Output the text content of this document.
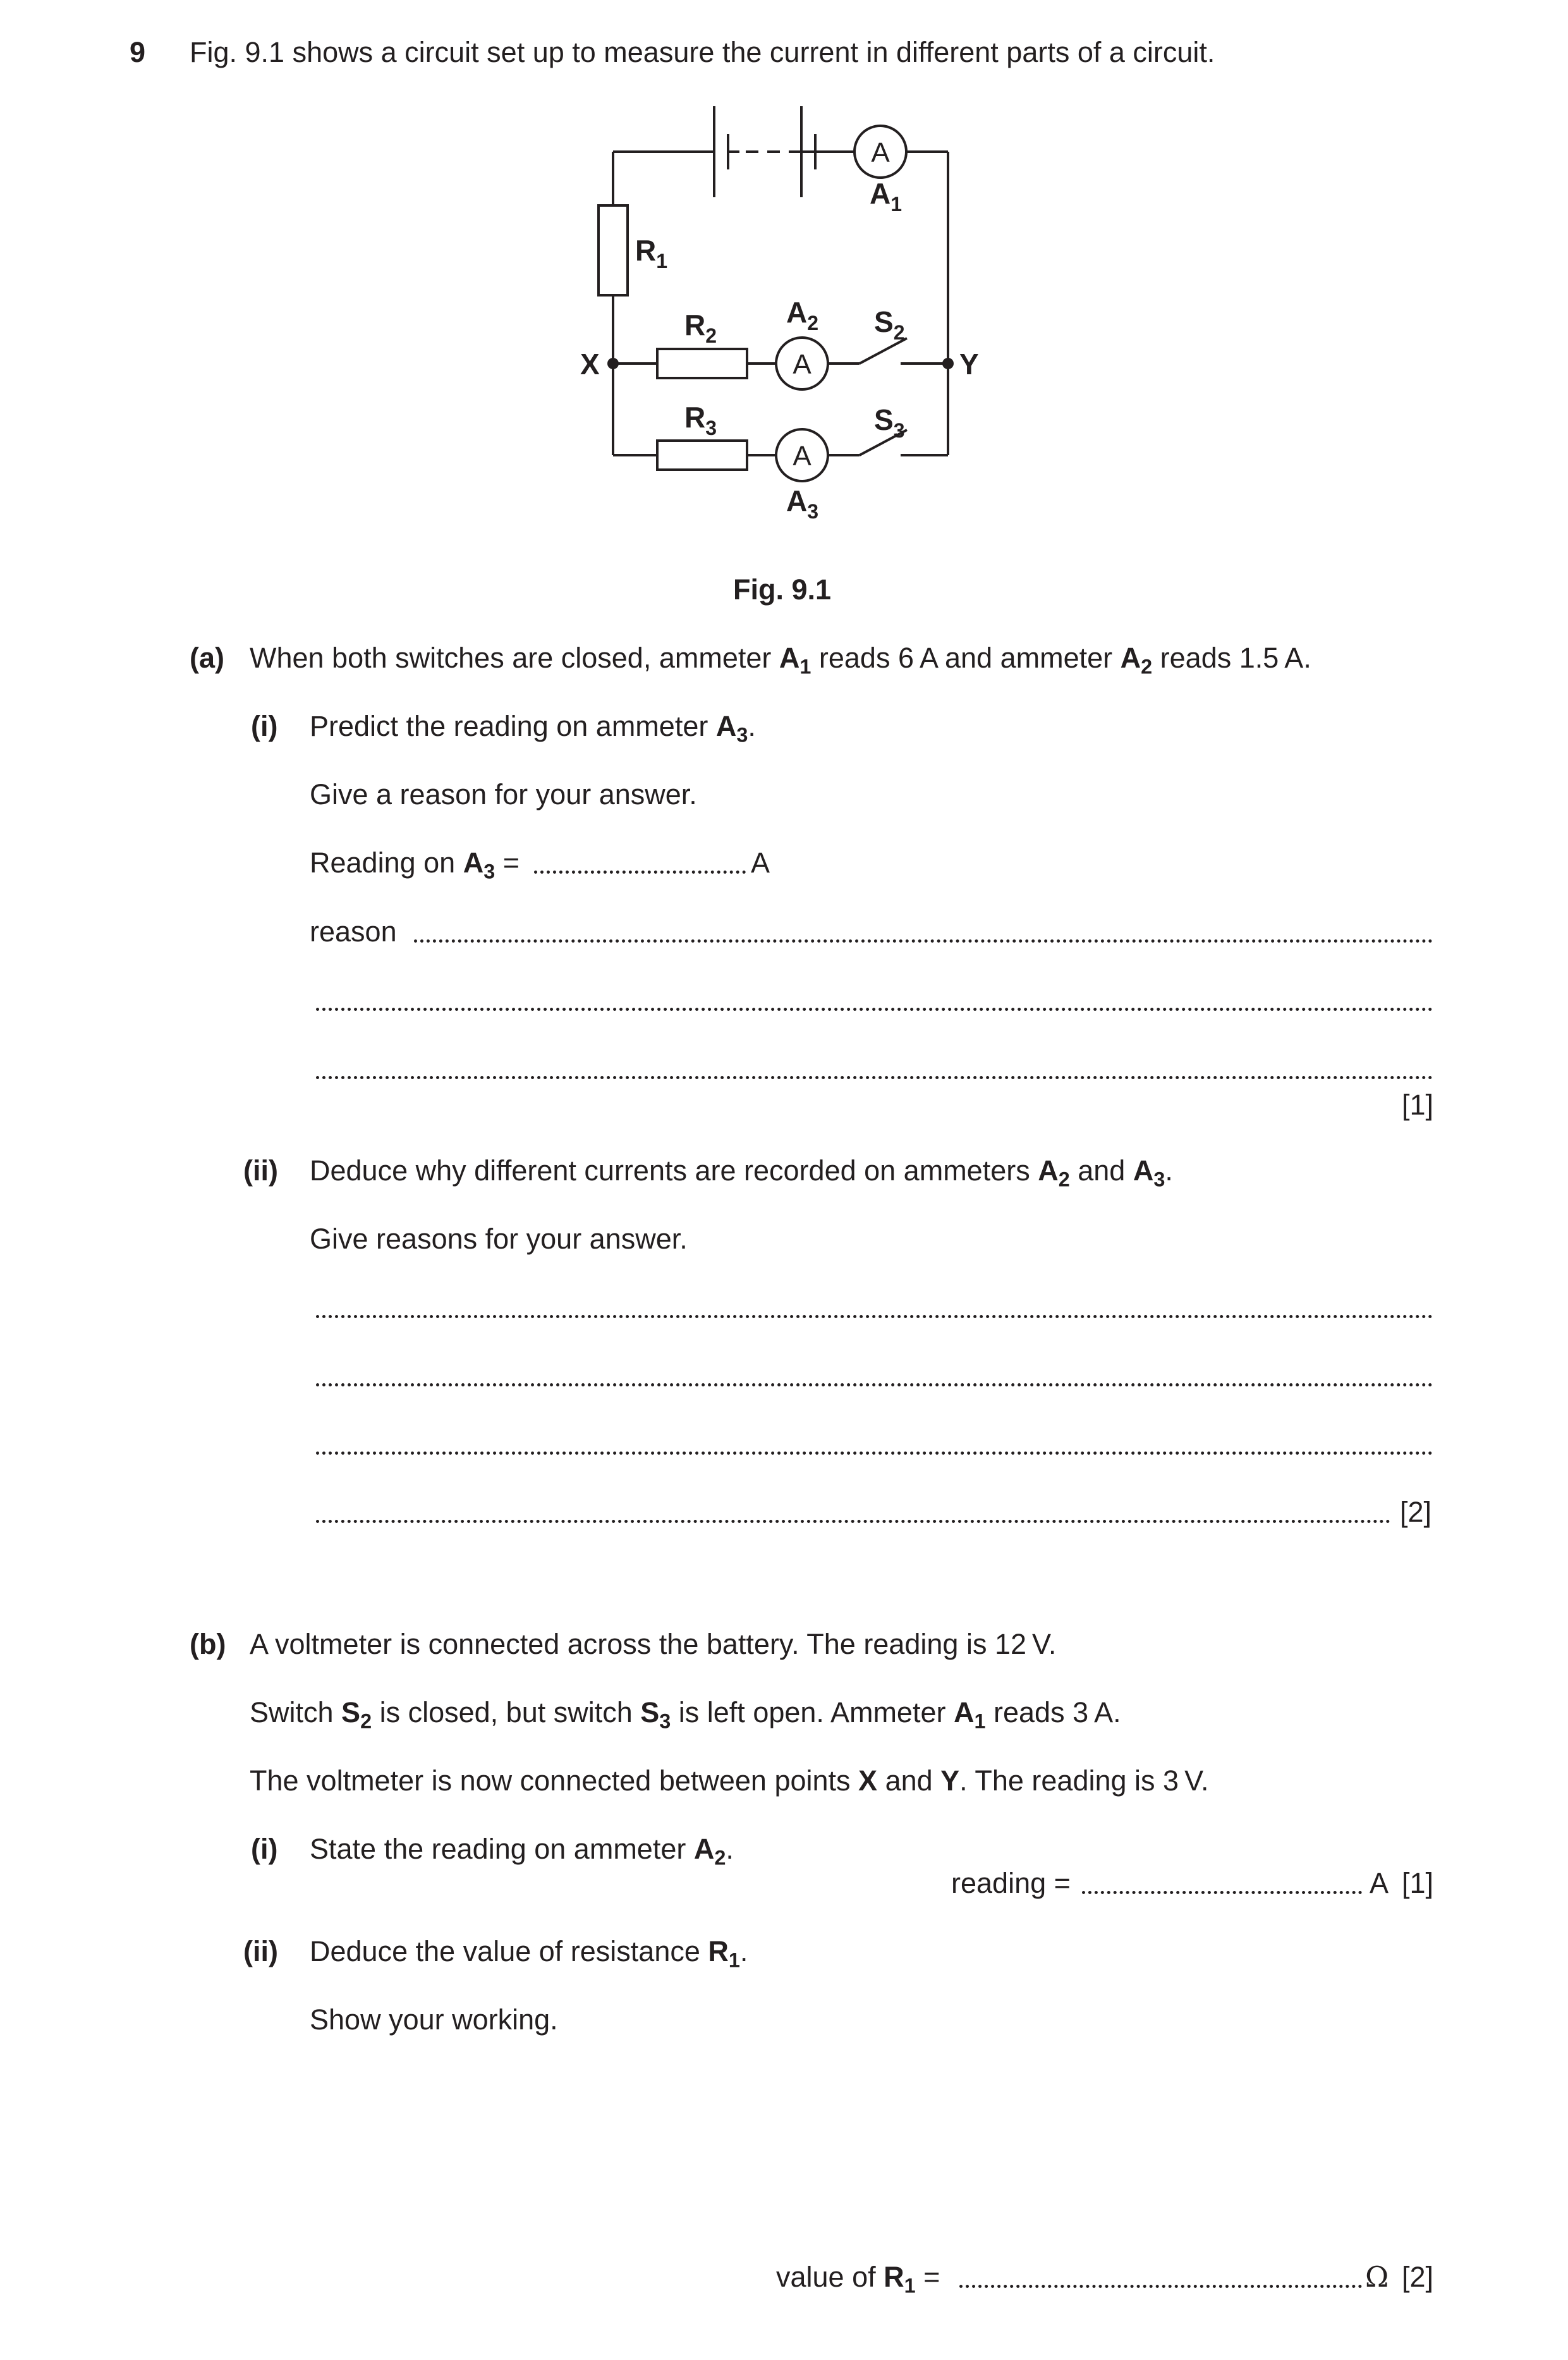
9 Fig. 9.1 shows a circuit set up to measure the current in different parts of a circuit.
A
A
A
$A_1$
$R_1$
$R_2$
$A_2$ $S_2$
X	Y
$R_3$	$S_3$
$A_3$
Fig. 9.1
(a) When both switches are closed, ammeter $A_1$ reads 6 A and ammeter $A_2$ reads 1.5 A.
(i) Predict the reading on ammeter $A_3$.
Give a reason for your answer.
Reading on $A_3$ =	A
reason
[1]
(ii) Deduce why different currents are recorded on ammeters $A_2$ and $A_3$.
Give reasons for your answer.
[2]
(b) A voltmeter is connected across the battery. The reading is 12 V.
Switch $S_2$ is closed, but switch $S_3$ is left open. Ammeter $A_1$ reads 3 A.
The voltmeter is now connected between points X and Y. The reading is 3 V.
(i) State the reading on ammeter $A_2$.
reading =	A [1]
(ii) Deduce the value of resistance $R_1$.
Show your working.
value of $R_1$ =	Ω [2]
